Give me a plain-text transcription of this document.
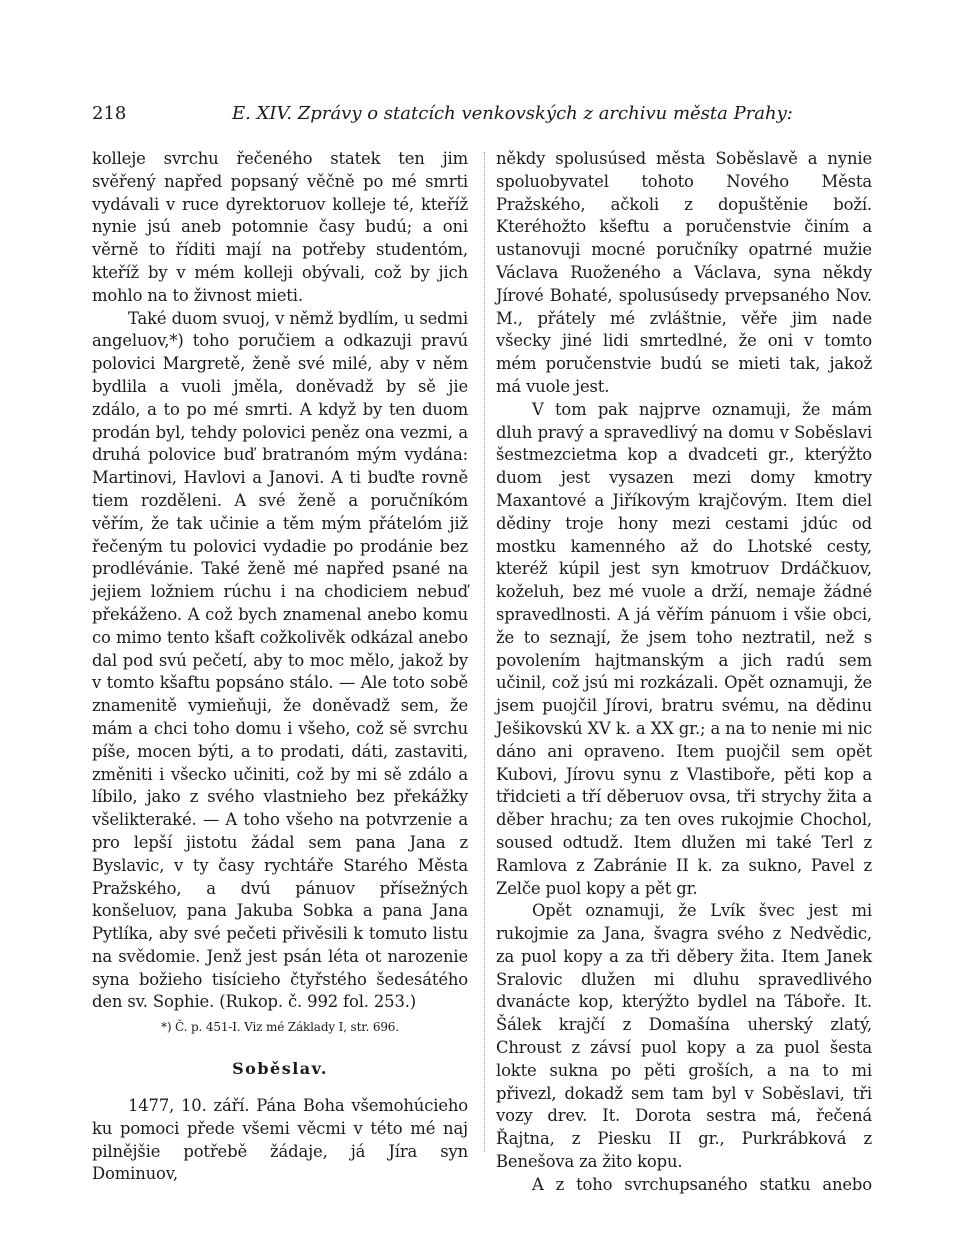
218	E. XIV. Zprávy o statcích venkovských z archivu města Prahy:

kolleje svrchu řečeného statek ten jim svěřený napřed popsaný věčně po mé smrti vydávali v ruce dyrektoruov kolleje té, kteříž nynie jsú aneb potomnie časy budú; a oni věrně to říditi mají na potřeby studentóm, kteříž by v mém kolleji obývali, což by jich mohlo na to živnost mieti.

Také duom svuoj, v němž bydlím, u sedmi angeluov,*) toho poručiem a odkazuji pravú polovici Margretě, ženě své milé, aby v něm bydlila a vuoli jměla, doněvadž by sě jie zdálo, a to po mé smrti. A když by ten duom prodán byl, tehdy polovici peněz ona vezmi, a druhá polovice buď bratranóm mým vydána: Martinovi, Havlovi a Janovi. A ti buďte rovně tiem rozděleni. A své ženě a poručníkóm věřím, že tak učinie a těm mým přátelóm již řečeným tu polovici vydadie po prodánie bez prodlévánie. Také ženě mé napřed psané na jejiem ložniem rúchu i na chodiciem nebuď překáženo. A což bych znamenal anebo komu co mimo tento kšaft cožkolivěk odkázal anebo dal pod svú pečetí, aby to moc mělo, jakož by v tomto kšaftu popsáno stálo. — Ale toto sobě znamenitě vymieňuji, že doněvadž sem, že mám a chci toho domu i všeho, což sě svrchu píše, mocen býti, a to prodati, dáti, zastaviti, změniti i všecko učiniti, což by mi sě zdálo a líbilo, jako z svého vlastnieho bez překážky všelikteraké. — A toho všeho na potvrzenie a pro lepší jistotu žádal sem pana Jana z Byslavic, v ty časy rychtáře Starého Města Pražského, a dvú pánuov přísežných konšeluov, pana Jakuba Sobka a pana Jana Pytlíka, aby své pečeti přivěsili k tomuto listu na svědomie. Jenž jest psán léta ot narozenie syna božieho tisícieho čtyřstého šedesátého den sv. Sophie. (Rukop. č. 992 fol. 253.)

*) Č. p. 451-I. Viz mé Základy I, str. 696.

Soběslav.

1477, 10. září. Pána Boha všemohúcieho ku pomoci přede všemi věcmi v této mé naj pilnějšie potřebě žádaje, já Jíra syn Dominuov,

někdy spolusúsed města Soběslavě a nynie spoluobyvatel tohoto Nového Města Pražského, ačkoli z dopuštěnie boží. Kteréhožto kšeftu a poručenstvie činím a ustanovuji mocné poručníky opatrné mužie Václava Ruoženého a Václava, syna někdy Jírové Bohaté, spolusúsedy prvepsaného Nov. M., přátely mé zvláštnie, věře jim nade všecky jiné lidi smrtedlné, že oni v tomto mém poručenstvie budú se mieti tak, jakož má vuole jest.

V tom pak najprve oznamuji, že mám dluh pravý a spravedlivý na domu v Soběslavi šestmezcietma kop a dvadceti gr., kterýžto duom jest vysazen mezi domy kmotry Maxantové a Jiříkovým krajčovým. Item diel dědiny troje hony mezi cestami jdúc od mostku kamenného až do Lhotské cesty, kteréž kúpil jest syn kmotruov Drdáčkuov, koželuh, bez mé vuole a drží, nemaje žádné spravedlnosti. A já věřím pánuom i všie obci, že to seznají, že jsem toho neztratil, než s povolením hajtmanským a jich radú sem učinil, což jsú mi rozkázali. Opět oznamuji, že jsem puojčil Jírovi, bratru svému, na dědinu Ješikovskú XV k. a XX gr.; a na to nenie mi nic dáno ani opravenо. Item puojčil sem opět Kubovi, Jírovu synu z Vlastiboře, pěti kop a třidcieti a tří děberuov ovsa, tři strychy žita a děber hrachu; za ten oves rukojmie Chochol, soused odtudž. Item dlužen mi také Terl z Ramlova z Zabránie II k. za sukno, Pavel z Zelče puol kopy a pět gr.

Opět oznamuji, že Lvík švec jest mi rukojmie za Jana, švagra svého z Nedvědic, za puol kopy a za tři děbery žita. Item Janek Sralovic dlužen mi dluhu spravedlivého dvanácte kop, kterýžto bydlel na Tábořе. It. Šálek krajčí z Domašína uherský zlatý, Chroust z závsí puol kopy a za puol šesta lokte sukna po pěti groších, a na to mi přivezl, dokadž sem tam byl v Soběslavi, tři vozy drev. It. Dorota sestra má, řečená Řajtna, z Piesku II gr., Purkrábková z Benešova za žito kopu.

A z toho svrchupsaného statku anebo
